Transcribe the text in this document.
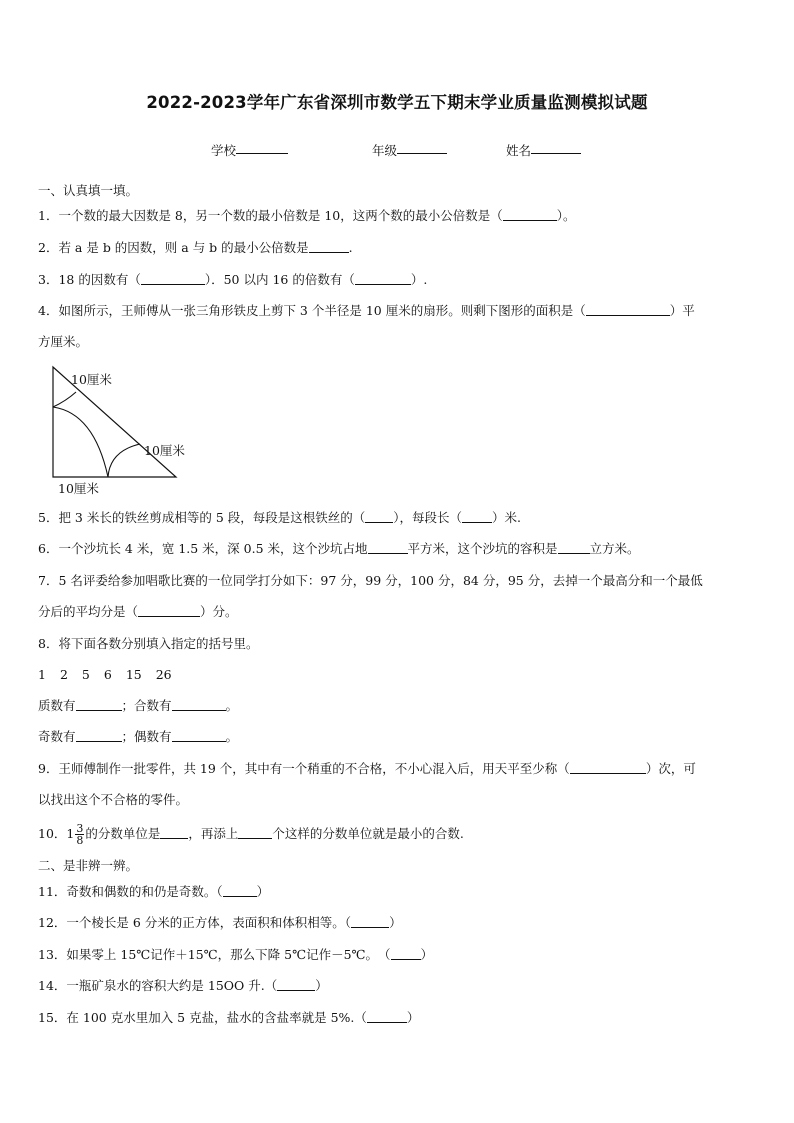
2022-2023学年广东省深圳市数学五下期末学业质量监测模拟试题
学校	年级	姓名
一、认真填一填。
1．一个数的最大因数是 8，另一个数的最小倍数是 10，这两个数的最小公倍数是（	）。
2．若 a 是 b 的因数，则 a 与 b 的最小公倍数是	.
3．18 的因数有（	）．50 以内 16 的倍数有（	）.
4．如图所示，王师傅从一张三角形铁皮上剪下 3 个半径是 10 厘米的扇形。则剩下图形的面积是（	）平
方厘米。
10厘米
10厘米
10厘米
5．把 3 米长的铁丝剪成相等的 5 段，每段是这根铁丝的（ ），每段长（ ）米.
6．一个沙坑长 4 米，宽 1.5 米，深 0.5 米，这个沙坑占地	平方米，这个沙坑的容积是	立方米。
7．5 名评委给参加唱歌比赛的一位同学打分如下：97 分，99 分，100 分，84 分，95 分，去掉一个最高分和一个最低
分后的平均分是（	）分。
8．将下面各数分别填入指定的括号里。
1 2 5 6 15 26
质数有	；合数有	。
奇数有	；偶数有	。
9．王师傅制作一批零件，共 19 个，其中有一个稍重的不合格，不小心混入后，用天平至少称（	）次，可
以找出这个不合格的零件。
10．$1 \frac{3}{8}$ 的分数单位是 ，再添上	个这样的分数单位就是最小的合数.
二、是非辨一辨。
11．奇数和偶数的和仍是奇数。（	）
12．一个棱长是 6 分米的正方体，表面积和体积相等。（	）
13．如果零上 15℃记作＋15℃，那么下降 5℃记作－5℃。　（ ）
14．一瓶矿泉水的容积大约是 15OO 升.（	）
15．在 100 克水里加入 5 克盐，盐水的含盐率就是 5%.（	）
